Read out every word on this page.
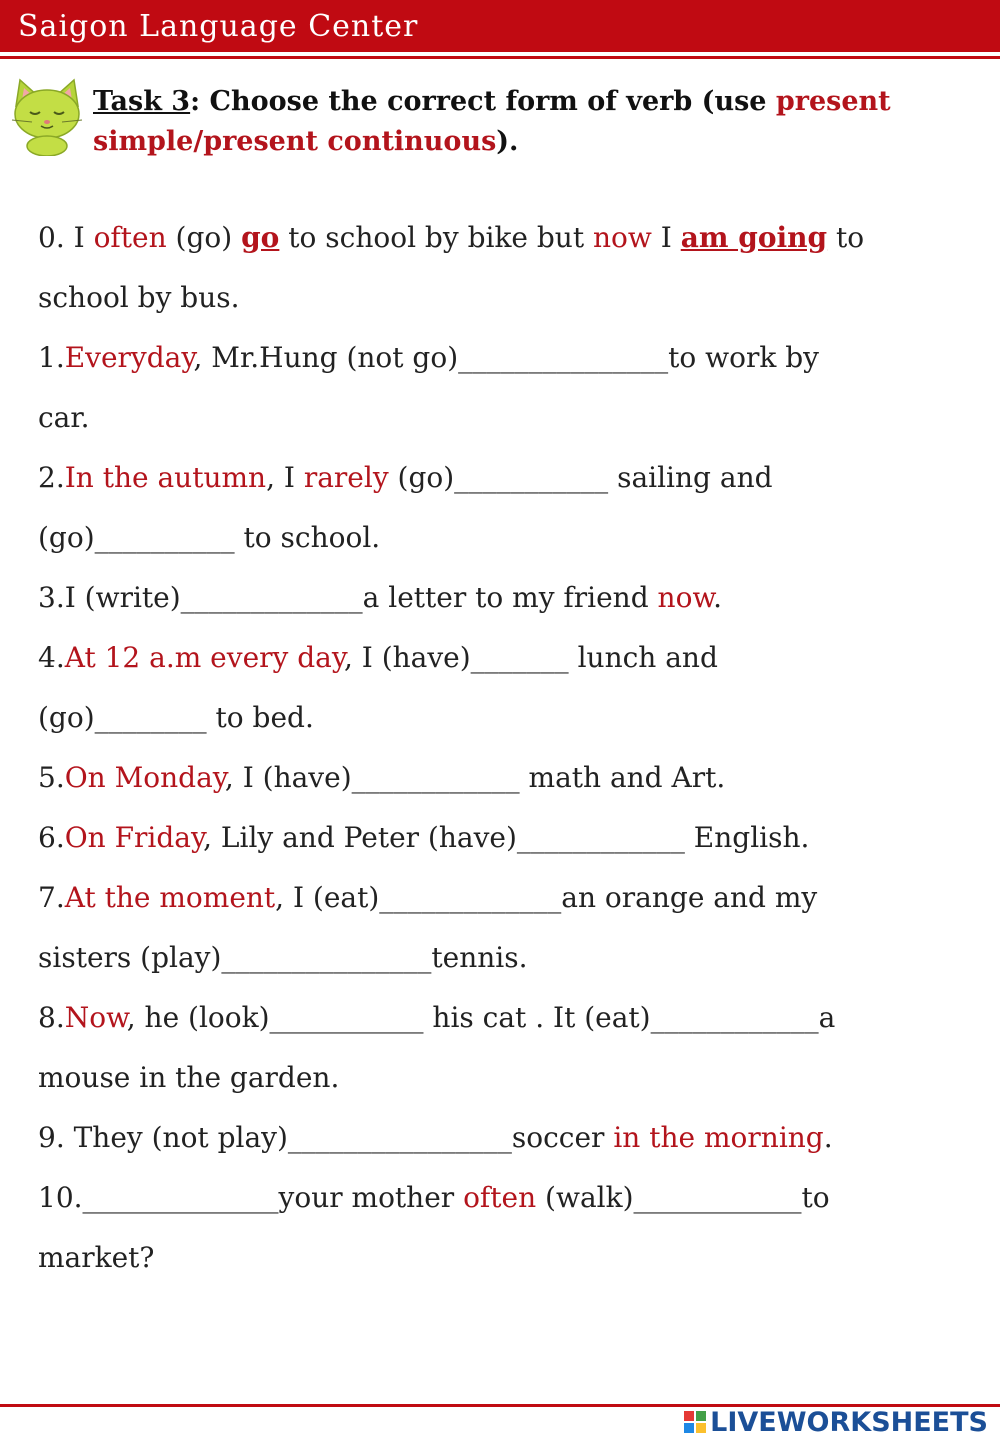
Saigon Language Center
Task 3: Choose the correct form of verb (use present simple/present continuous).
0. I often (go) go to school by bike but now I am going to
school by bus.
1.Everyday, Mr.Hung (not go)_______________to work by
car.
2.In the autumn, I rarely (go)___________ sailing and
(go)__________ to school.
3.I (write)_____________a letter to my friend now.
4.At 12 a.m every day, I (have)_______ lunch and
(go)________ to bed.
5.On Monday, I (have)____________ math and Art.
6.On Friday, Lily and Peter (have)____________ English.
7.At the moment, I (eat)_____________an orange and my
sisters (play)_______________tennis.
8.Now, he (look)___________ his cat . It (eat)____________a
mouse in the garden.
9. They (not play)________________soccer in the morning.
10.______________your mother often (walk)____________to
market?
LIVEWORKSHEETS
